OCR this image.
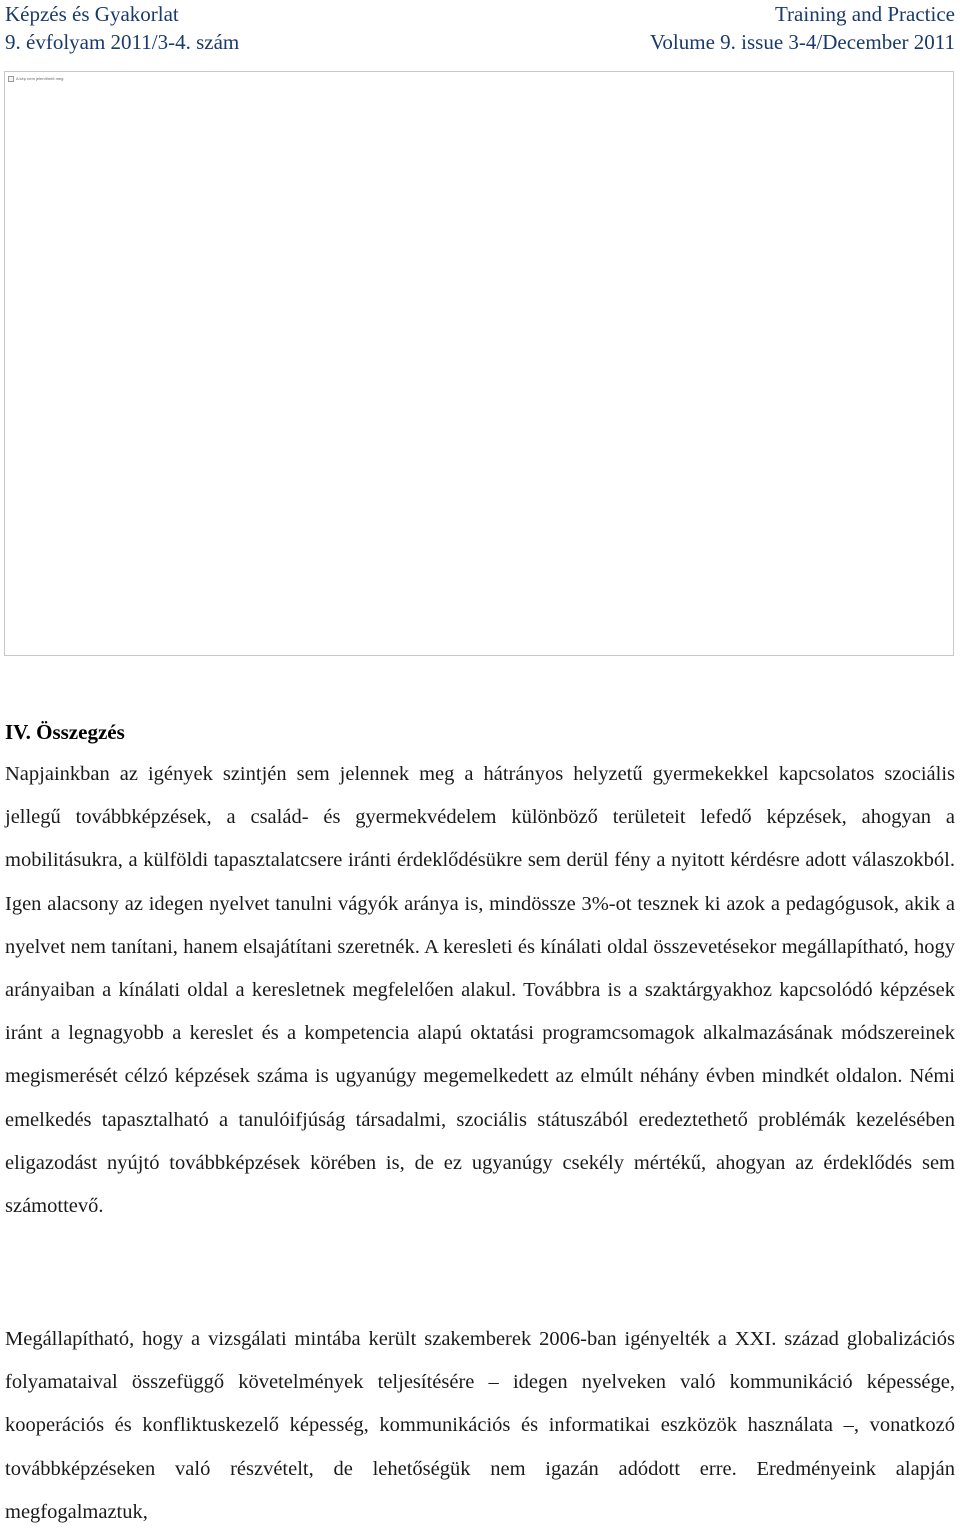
Képzés és Gyakorlat
9. évfolyam 2011/3-4. szám
Training and Practice
Volume 9. issue 3-4/December 2011
A kép nem jeleníthető meg.
IV. Összegzés

Napjainkban az igények szintjén sem jelennek meg a hátrányos helyzetű gyermekekkel kapcsolatos szociális jellegű továbbképzések, a család- és gyermekvédelem különböző területeit lefedő képzések, ahogyan a mobilitásukra, a külföldi tapasztalatcsere iránti érdeklődésükre sem derül fény a nyitott kérdésre adott válaszokból. Igen alacsony az idegen nyelvet tanulni vágyók aránya is, mindössze 3%-ot tesznek ki azok a pedagógusok, akik a nyelvet nem tanítani, hanem elsajátítani szeretnék. A keresleti és kínálati oldal összevetésekor megállapítható, hogy arányaiban a kínálati oldal a keresletnek megfelelően alakul. Továbbra is a szaktárgyakhoz kapcsolódó képzések iránt a legnagyobb a kereslet és a kompetencia alapú oktatási programcsomagok alkalmazásának módszereinek megismerését célzó képzések száma is ugyanúgy megemelkedett az elmúlt néhány évben mindkét oldalon. Némi emelkedés tapasztalható a tanulóifjúság társadalmi, szociális státuszából eredeztethető problémák kezelésében eligazodást nyújtó továbbképzések körében is, de ez ugyanúgy csekély mértékű, ahogyan az érdeklődés sem számottevő.

Megállapítható, hogy a vizsgálati mintába került szakemberek 2006-ban igényelték a XXI. század globalizációs folyamataival összefüggő követelmények teljesítésére – idegen nyelveken való kommunikáció képessége, kooperációs és konfliktuskezelő képesség, kommunikációs és informatikai eszközök használata –, vonatkozó továbbképzéseken való részvételt, de lehetőségük nem igazán adódott erre. Eredményeink alapján megfogalmaztuk,
